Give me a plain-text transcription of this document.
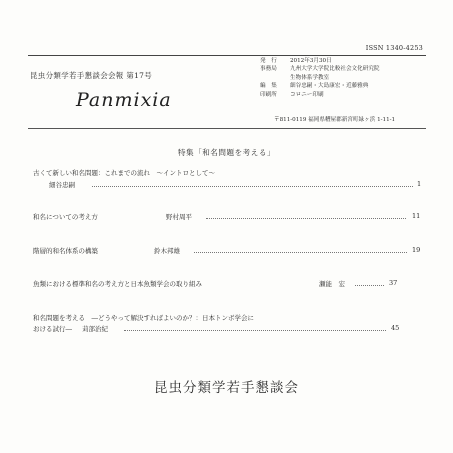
ISSN 1340-4253
昆虫分類学若手懇談会会報 第17号
Panmixia
発　行	2012年3月30日
事務局	九州大学大学院比較社会文化研究院
生物体系学教室
編　集	細谷忠嗣・大島康宏・近藤雅典
印刷所	コロニー印刷
〒811-0119 福岡県糟屋郡新宮町緑ヶ浜 1-11-1
特集「和名問題を考える」
古くて新しい和名問題：これまでの流れ　～イントロとして～
細谷忠嗣	1
和名についての考え方	野村周平	11
階層的和名体系の構築	鈴木邦雄	19
魚類における標準和名の考え方と日本魚類学会の取り組み	瀬能　宏	37
和名問題を考える　―どうやって解決すればよいのか？：日本トンボ学会に
おける試行― 苅部治紀	45
昆虫分類学若手懇談会
